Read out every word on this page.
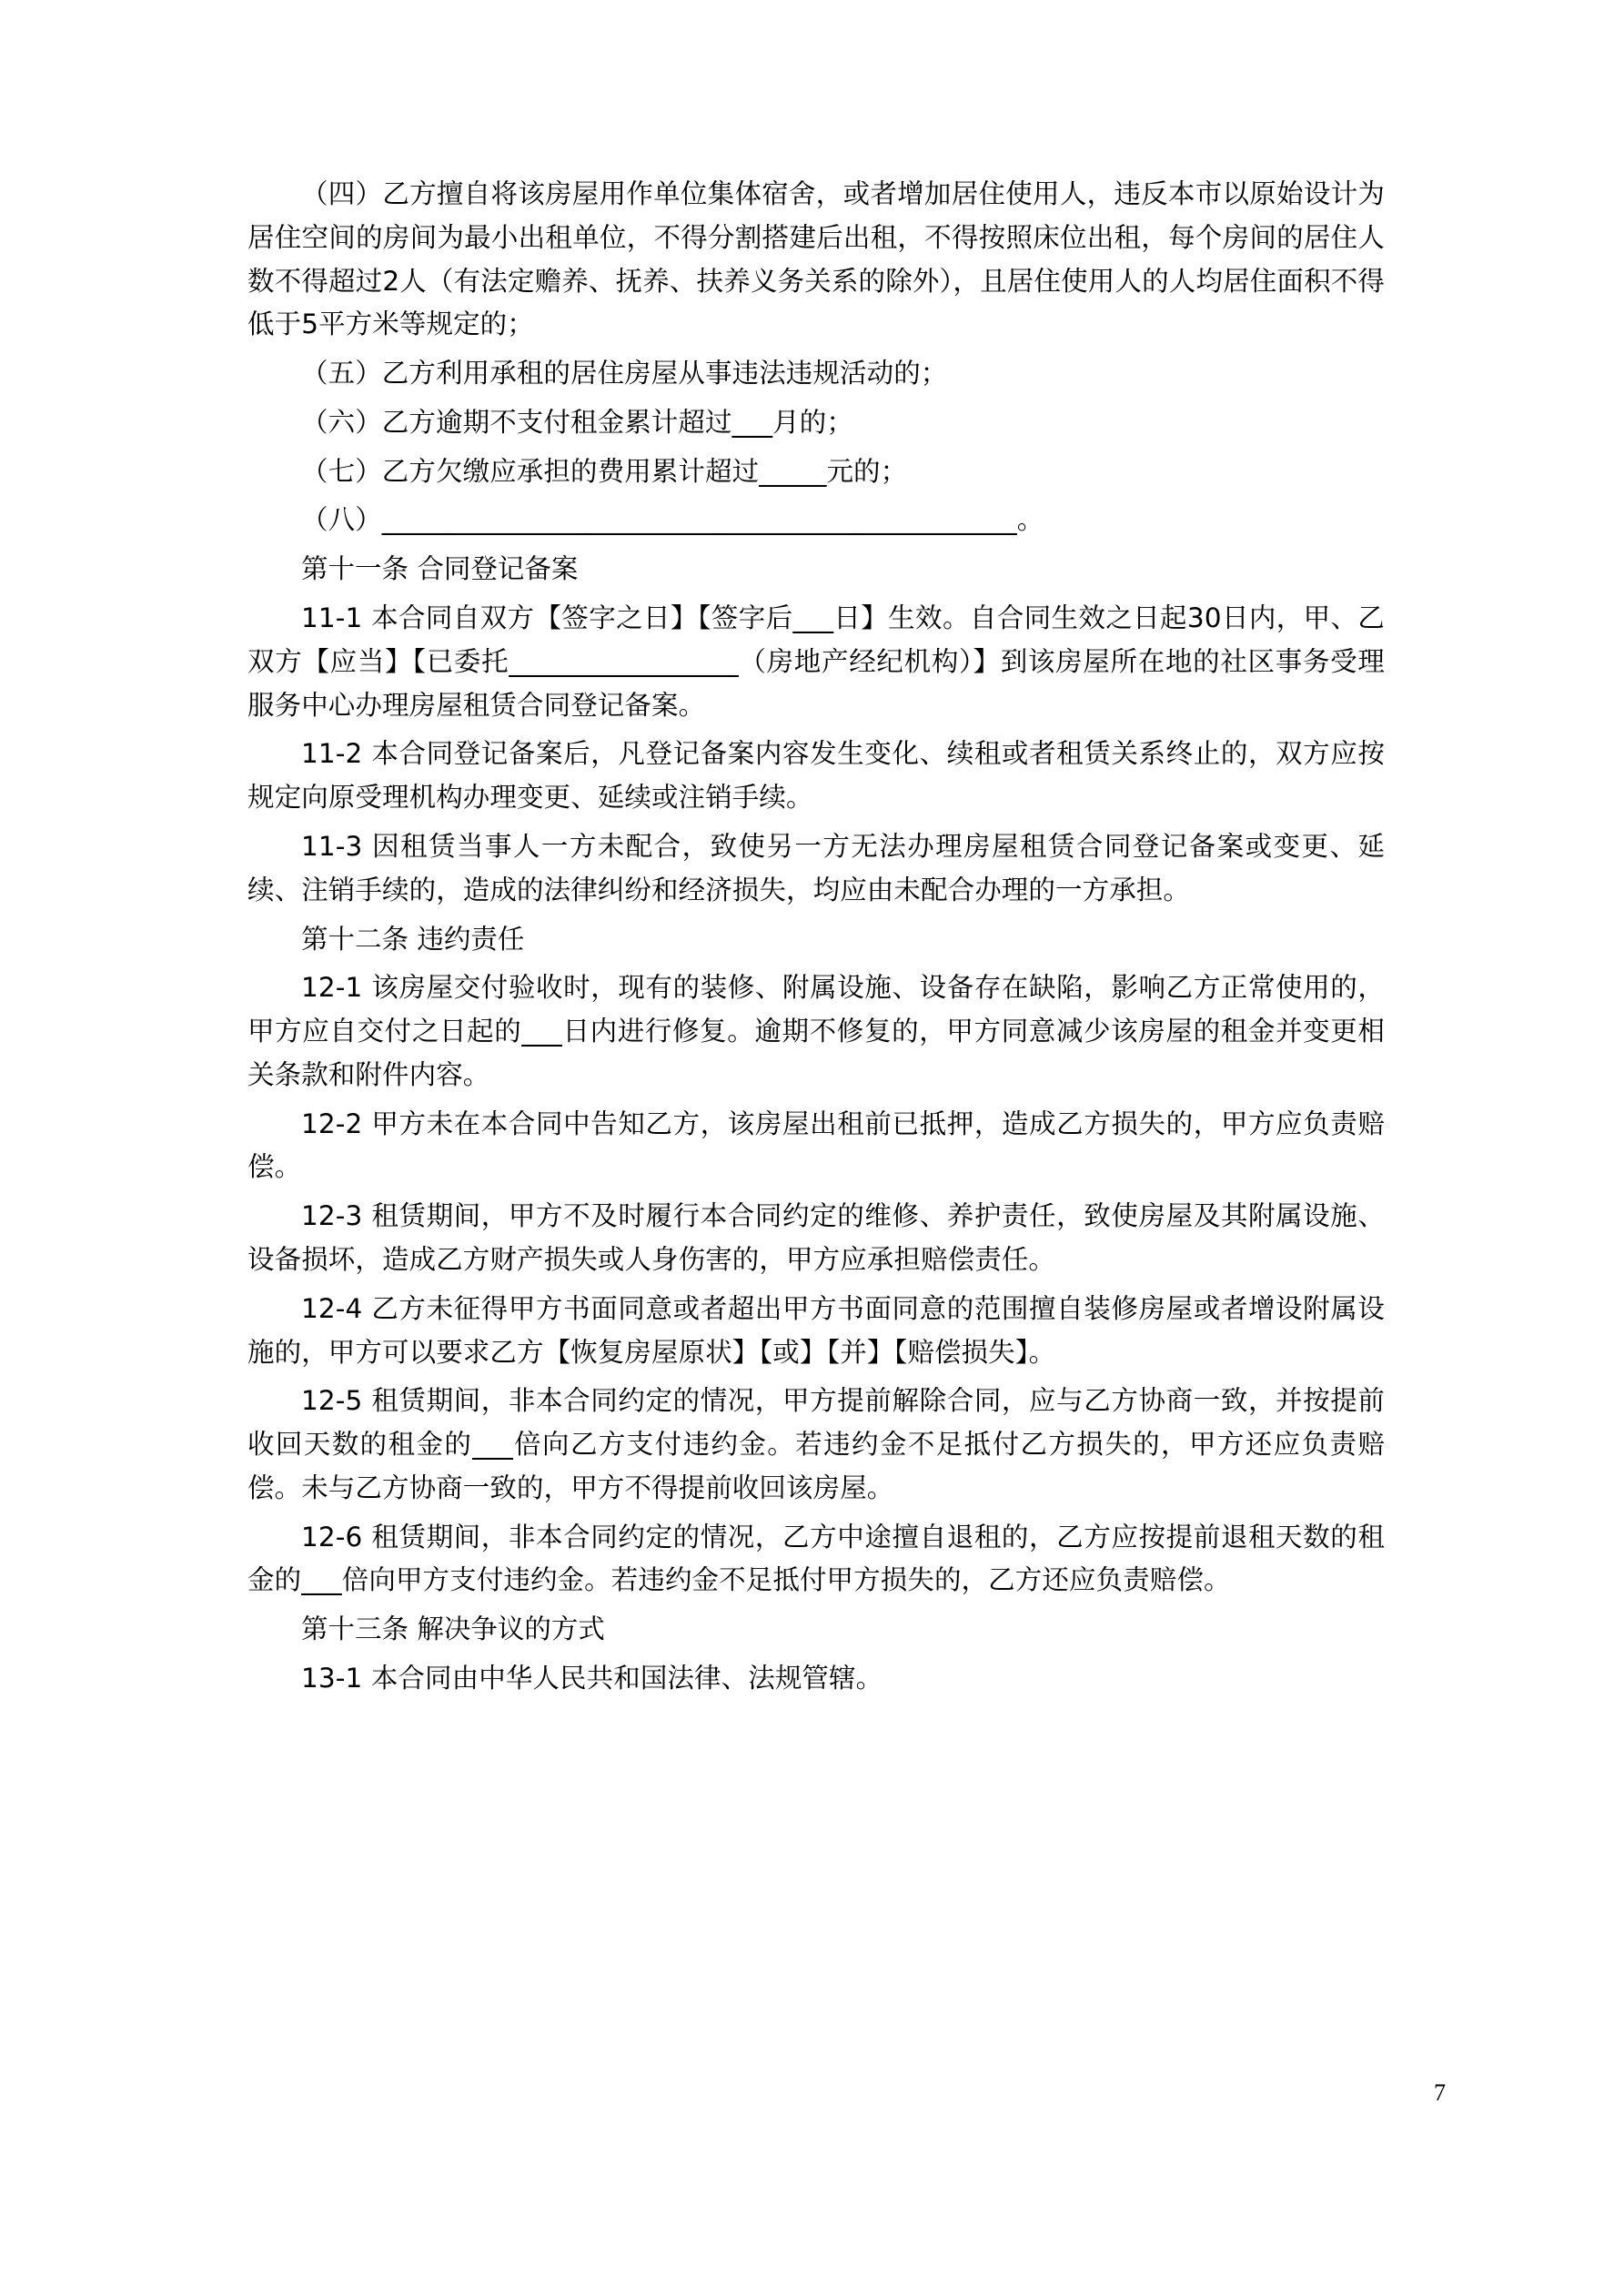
（四）乙方擅自将该房屋用作单位集体宿舍，或者增加居住使用人，违反本市以原始设计为居住空间的房间为最小出租单位，不得分割搭建后出租，不得按照床位出租，每个房间的居住人数不得超过2人（有法定赡养、抚养、扶养义务关系的除外），且居住使用人的人均居住面积不得低于5平方米等规定的；

（五）乙方利用承租的居住房屋从事违法违规活动的；

（六）乙方逾期不支付租金累计超过___月的；

（七）乙方欠缴应承担的费用累计超过_____元的；

（八）_______________________________________________。

第十一条 合同登记备案

11‑1 本合同自双方【签字之日】【签字后___日】生效。自合同生效之日起30日内，甲、乙双方【应当】【已委托_________________（房地产经纪机构）】到该房屋所在地的社区事务受理服务中心办理房屋租赁合同登记备案。

11‑2 本合同登记备案后，凡登记备案内容发生变化、续租或者租赁关系终止的，双方应按规定向原受理机构办理变更、延续或注销手续。

11‑3 因租赁当事人一方未配合，致使另一方无法办理房屋租赁合同登记备案或变更、延续、注销手续的，造成的法律纠纷和经济损失，均应由未配合办理的一方承担。

第十二条 违约责任

12‑1 该房屋交付验收时，现有的装修、附属设施、设备存在缺陷，影响乙方正常使用的，甲方应自交付之日起的___日内进行修复。逾期不修复的，甲方同意减少该房屋的租金并变更相关条款和附件内容。

12‑2 甲方未在本合同中告知乙方，该房屋出租前已抵押，造成乙方损失的，甲方应负责赔偿。

12‑3 租赁期间，甲方不及时履行本合同约定的维修、养护责任，致使房屋及其附属设施、设备损坏，造成乙方财产损失或人身伤害的，甲方应承担赔偿责任。

12‑4 乙方未征得甲方书面同意或者超出甲方书面同意的范围擅自装修房屋或者增设附属设施的，甲方可以要求乙方【恢复房屋原状】【或】【并】【赔偿损失】。

12‑5 租赁期间，非本合同约定的情况，甲方提前解除合同，应与乙方协商一致，并按提前收回天数的租金的___倍向乙方支付违约金。若违约金不足抵付乙方损失的，甲方还应负责赔偿。未与乙方协商一致的，甲方不得提前收回该房屋。

12‑6 租赁期间，非本合同约定的情况，乙方中途擅自退租的，乙方应按提前退租天数的租金的___倍向甲方支付违约金。若违约金不足抵付甲方损失的，乙方还应负责赔偿。

第十三条 解决争议的方式

13‑1 本合同由中华人民共和国法律、法规管辖。

7
